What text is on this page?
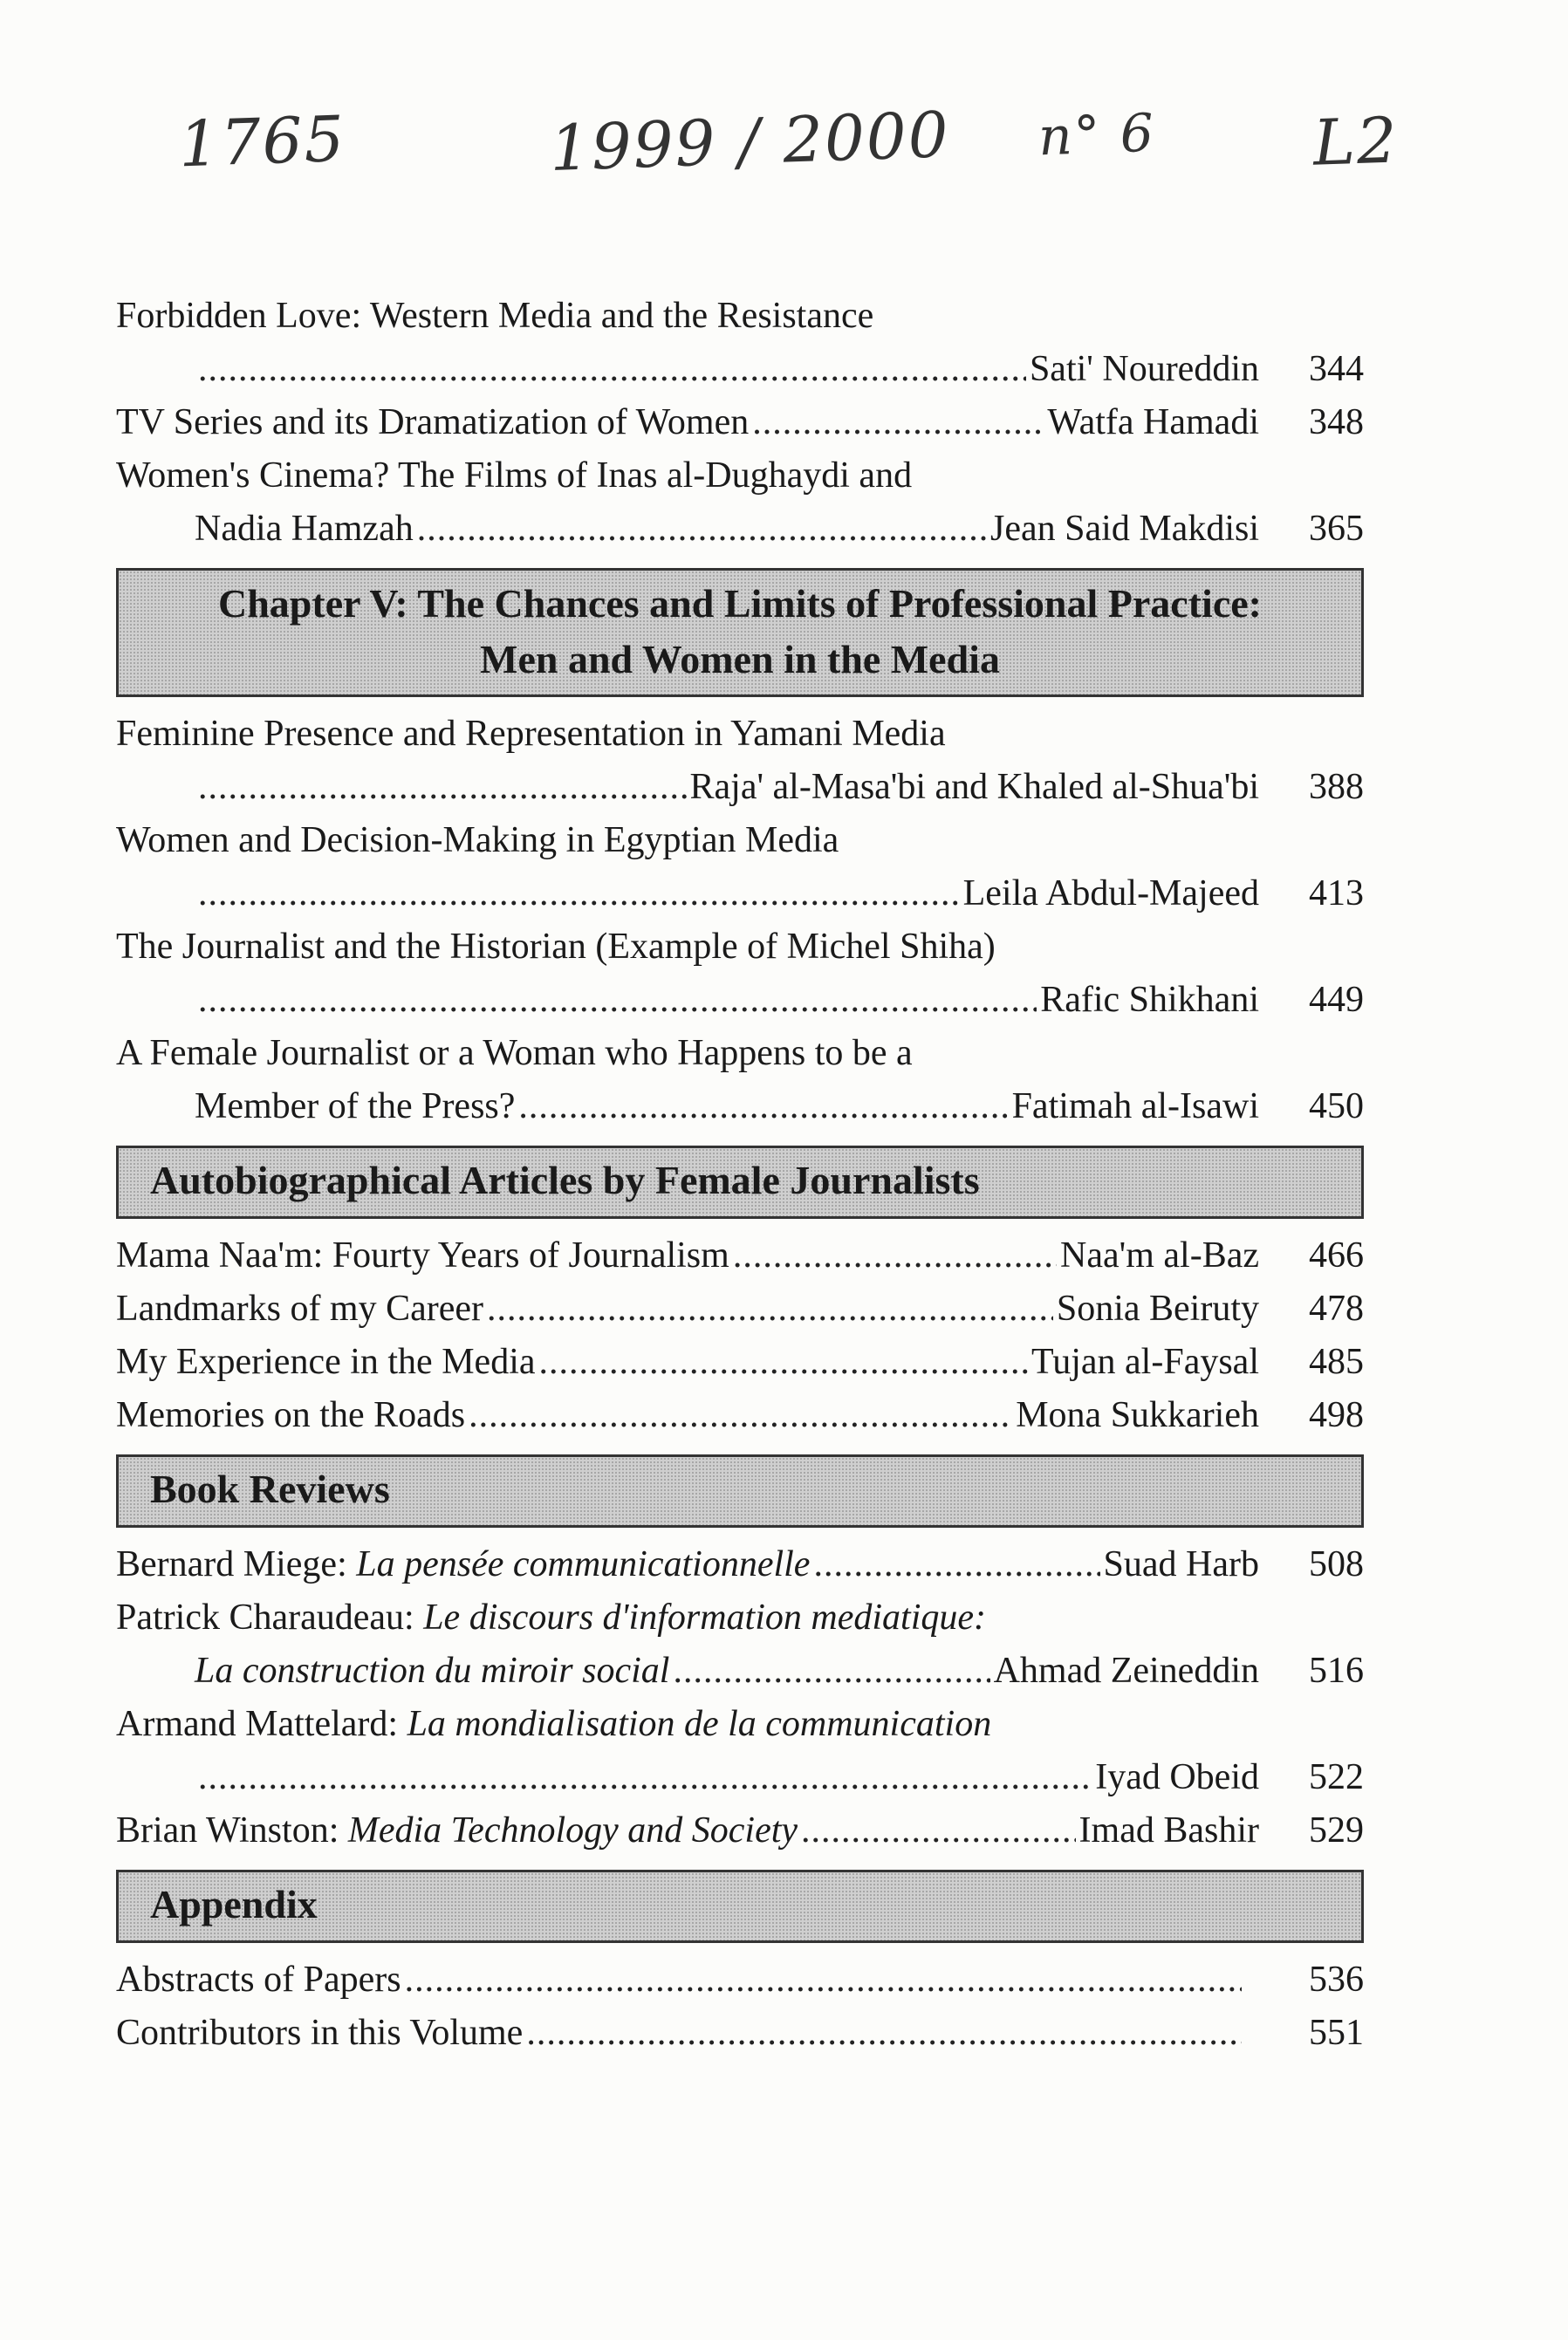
1765	1999 / 2000 n° 6 L2
Forbidden Love: Western Media and the Resistance
.....
Sati' Noureddin	344
TV Series and its Dramatization of Women .....	Watfa Hamadi	348
Women's Cinema? The Films of Inas al-Dughaydi and
Nadia Hamzah .....	Jean Said Makdisi	365
Chapter V: The Chances and Limits of Professional Practice:
Men and Women in the Media
Feminine Presence and Representation in Yamani Media
.....
Raja' al-Masa'bi and Khaled al-Shua'bi	388
Women and Decision-Making in Egyptian Media
.....
Leila Abdul-Majeed	413
The Journalist and the Historian (Example of Michel Shiha)
.....
Rafic Shikhani	449
A Female Journalist or a Woman who Happens to be a
Member of the Press? .....	Fatimah al-Isawi	450
Autobiographical Articles by Female Journalists
Mama Naa'm: Fourty Years of Journalism .....	Naa'm al-Baz	466
Landmarks of my Career .....	Sonia Beiruty	478
My Experience in the Media .....	Tujan al-Faysal	485
Memories on the Roads .....	Mona Sukkarieh	498
Book Reviews
Bernard Miege: La pensée communicationnelle .....	Suad Harb	508
Patrick Charaudeau: Le discours d'information mediatique:
La construction du miroir social .....	Ahmad Zeineddin	516
Armand Mattelard: La mondialisation de la communication
.....
Iyad Obeid	522
Brian Winston: Media Technology and Society .....	Imad Bashir	529
Appendix
Abstracts of Papers .....	536
Contributors in this Volume .....	551
